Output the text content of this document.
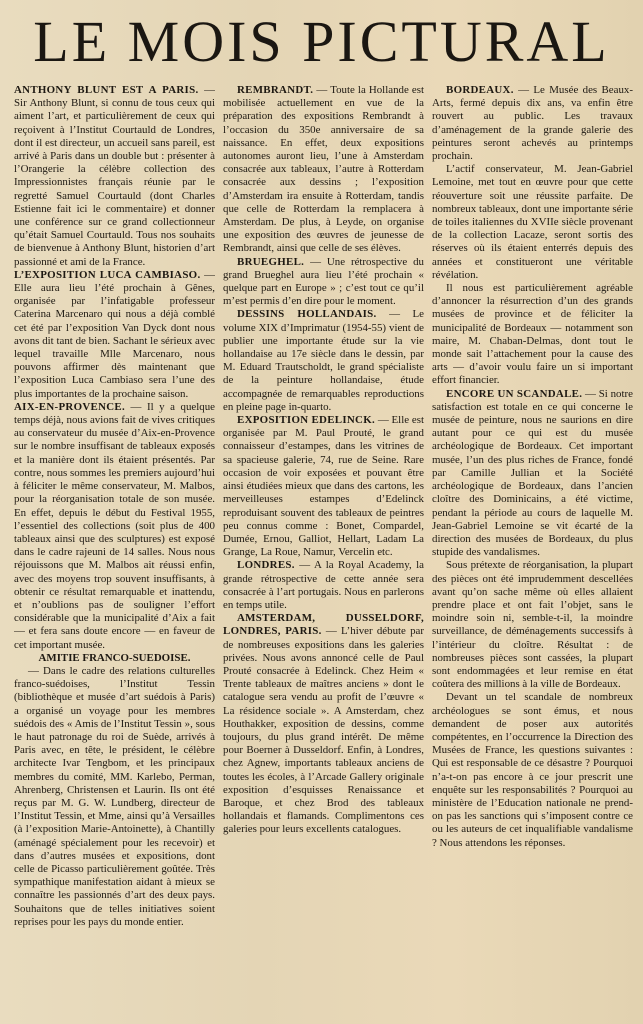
LE MOIS PICTURAL

ANTHONY BLUNT EST A PARIS. — Sir Anthony Blunt, si connu de tous ceux qui aiment l’art, et particulièrement de ceux qui reçoivent à l’Institut Courtauld de Londres, dont il est directeur, un accueil sans pareil, est arrivé à Paris dans un double but : présenter à l’Orangerie la célèbre collection des Impressionnistes français réunie par le regretté Samuel Courtauld (dont Charles Estienne fait ici le commentaire) et donner une conférence sur ce grand collectionneur qu’était Samuel Courtauld. Tous nos souhaits de bienvenue à Anthony Blunt, historien d’art passionné et ami de la France.

L’EXPOSITION LUCA CAMBIASO. — Elle aura lieu l’été prochain à Gênes, organisée par l’infatigable professeur Caterina Marcenaro qui nous a déjà comblé cet été par l’exposition Van Dyck dont nous avons dit tant de bien. Sachant le sérieux avec lequel travaille Mlle Marcenaro, nous pouvons affirmer dès maintenant que l’exposition Luca Cambiaso sera l’une des plus importantes de la prochaine saison.

AIX-EN-PROVENCE. — Il y a quelque temps déjà, nous avions fait de vives critiques au conservateur du musée d’Aix-en-Provence sur le nombre insuffisant de tableaux exposés et la manière dont ils étaient présentés. Par contre, nous sommes les premiers aujourd’hui à féliciter le même conservateur, M. Malbos, pour la réorganisation totale de son musée. En effet, depuis le début du Festival 1955, l’essentiel des collections (soit plus de 400 tableaux ainsi que des sculptures) est exposé dans le cadre rajeuni de 14 salles. Nous nous réjouissons que M. Malbos ait réussi enfin, avec des moyens trop souvent insuffisants, à obtenir ce résultat remarquable et inattendu, et n’oublions pas de souligner l’effort considérable que la municipalité d’Aix a fait — et fera sans doute encore — en faveur de cet important musée.

AMITIE FRANCO-SUEDOISE.

— Dans le cadre des relations culturelles franco-suédoises, l’Institut Tessin (bibliothèque et musée d’art suédois à Paris) a organisé un voyage pour les membres suédois des « Amis de l’Institut Tessin », sous le haut patronage du roi de Suède, arrivés à Paris avec, en tête, le président, le célèbre architecte Ivar Tengbom, et les principaux membres du comité, MM. Karlebo, Perman, Ahrenberg, Christensen et Laurin. Ils ont été reçus par M. G. W. Lundberg, directeur de l’Institut Tessin, et Mme, ainsi qu’à Versailles (à l’exposition Marie-Antoinette), à Chantilly (aménagé spécialement pour les recevoir) et dans d’autres musées et expositions, dont celle de Picasso particulièrement goûtée. Très sympathique manifestation aidant à mieux se connaître les passionnés d’art des deux pays. Souhaitons que de telles initiatives soient reprises pour les pays du monde entier.

REMBRANDT. — Toute la Hollande est mobilisée actuellement en vue de la préparation des expositions Rembrandt à l’occasion du 350e anniversaire de sa naissance. En effet, deux expositions autonomes auront lieu, l’une à Amsterdam consacrée aux tableaux, l’autre à Rotterdam consacrée aux dessins ; l’exposition d’Amsterdam ira ensuite à Rotterdam, tandis que celle de Rotterdam la remplacera à Amsterdam. De plus, à Leyde, on organise une exposition des œuvres de jeunesse de Rembrandt, ainsi que celle de ses élèves.

BRUEGHEL. — Une rétrospective du grand Brueghel aura lieu l’été prochain « quelque part en Europe » ; c’est tout ce qu’il m’est permis d’en dire pour le moment.

DESSINS HOLLANDAIS. — Le volume XIX d’Imprimatur (1954-55) vient de publier une importante étude sur la vie hollandaise au 17e siècle dans le dessin, par M. Eduard Trautscholdt, le grand spécialiste de la peinture hollandaise, étude accompagnée de remarquables reproductions en pleine page in-quarto.

EXPOSITION EDELINCK. — Elle est organisée par M. Paul Prouté, le grand connaisseur d’estampes, dans les vitrines de sa spacieuse galerie, 74, rue de Seine. Rare occasion de voir exposées et pouvant être ainsi étudiées mieux que dans des cartons, les merveilleuses estampes d’Edelinck reproduisant souvent des tableaux de peintres peu connus comme : Bonet, Compardel, Dumée, Ernou, Galliot, Hellart, Ladam La Grange, La Roue, Namur, Vercelin etc.

LONDRES. — A la Royal Academy, la grande rétrospective de cette année sera consacrée à l’art portugais. Nous en parlerons en temps utile.

AMSTERDAM, DUSSELDORF, LONDRES, PARIS. — L’hiver débute par de nombreuses expositions dans les galeries privées. Nous avons annoncé celle de Paul Prouté consacrée à Edelinck. Chez Heim « Trente tableaux de maîtres anciens » dont le catalogue sera vendu au profit de l’œuvre « La résidence sociale ». A Amsterdam, chez Houthakker, exposition de dessins, comme toujours, du plus grand intérêt. De même pour Boerner à Dusseldorf. Enfin, à Londres, chez Agnew, importants tableaux anciens de toutes les écoles, à l’Arcade Gallery originale exposition d’esquisses Renaissance et Baroque, et chez Brod des tableaux hollandais et flamands. Complimentons ces galeries pour leurs excellents catalogues.

BORDEAUX. — Le Musée des Beaux-Arts, fermé depuis dix ans, va enfin être rouvert au public. Les travaux d’aménagement de la grande galerie des peintures seront achevés au printemps prochain.

L’actif conservateur, M. Jean-Gabriel Lemoine, met tout en œuvre pour que cette réouverture soit une réussite parfaite. De nombreux tableaux, dont une importante série de toiles italiennes du XVIIe siècle provenant de la collection Lacaze, seront sortis des réserves où ils étaient enterrés depuis des années et constitueront une véritable révélation.

Il nous est particulièrement agréable d’annoncer la résurrection d’un des grands musées de province et de féliciter la municipalité de Bordeaux — notamment son maire, M. Chaban-Delmas, dont tout le monde sait l’attachement pour la cause des arts — d’avoir voulu faire un si important effort financier.

ENCORE UN SCANDALE. — Si notre satisfaction est totale en ce qui concerne le musée de peinture, nous ne saurions en dire autant pour ce qui est du musée archéologique de Bordeaux. Cet important musée, l’un des plus riches de France, fondé par Camille Jullian et la Société archéologique de Bordeaux, dans l’ancien cloître des Dominicains, a été victime, pendant la période au cours de laquelle M. Jean-Gabriel Lemoine se vit écarté de la direction des musées de Bordeaux, du plus stupide des vandalismes.

Sous prétexte de réorganisation, la plupart des pièces ont été imprudemment descellées avant qu’on sache même où elles allaient prendre place et ont fait l’objet, sans le moindre soin ni, semble-t-il, la moindre surveillance, de déménagements successifs à l’intérieur du cloître. Résultat : de nombreuses pièces sont cassées, la plupart sont endommagées et leur remise en état coûtera des millions à la ville de Bordeaux.

Devant un tel scandale de nombreux archéologues se sont émus, et nous demandent de poser aux autorités compétentes, en l’occurrence la Direction des Musées de France, les questions suivantes : Qui est responsable de ce désastre ? Pourquoi n’a-t-on pas encore à ce jour prescrit une enquête sur les responsabilités ? Pourquoi au ministère de l’Education nationale ne prend-on pas les sanctions qui s’imposent contre ce ou les auteurs de cet inqualifiable vandalisme ? Nous attendons les réponses.
